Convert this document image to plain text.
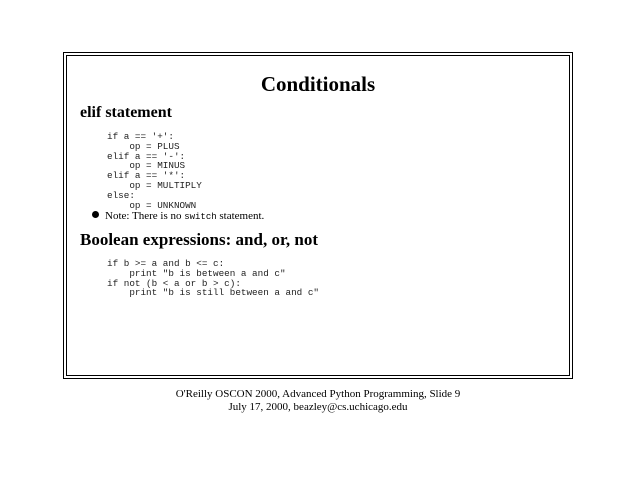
Conditionals
elif statement
if a == '+':
op = PLUS
elif a == '-':
op = MINUS
elif a == '*':
op = MULTIPLY
else:
op = UNKNOWN
Note: There is no switch statement.
Boolean expressions: and, or, not
if b >= a and b <= c:
print "b is between a and c"
if not (b < a or b > c):
print "b is still between a and c"
O'Reilly OSCON 2000, Advanced Python Programming, Slide 9
July 17, 2000, beazley@cs.uchicago.edu
